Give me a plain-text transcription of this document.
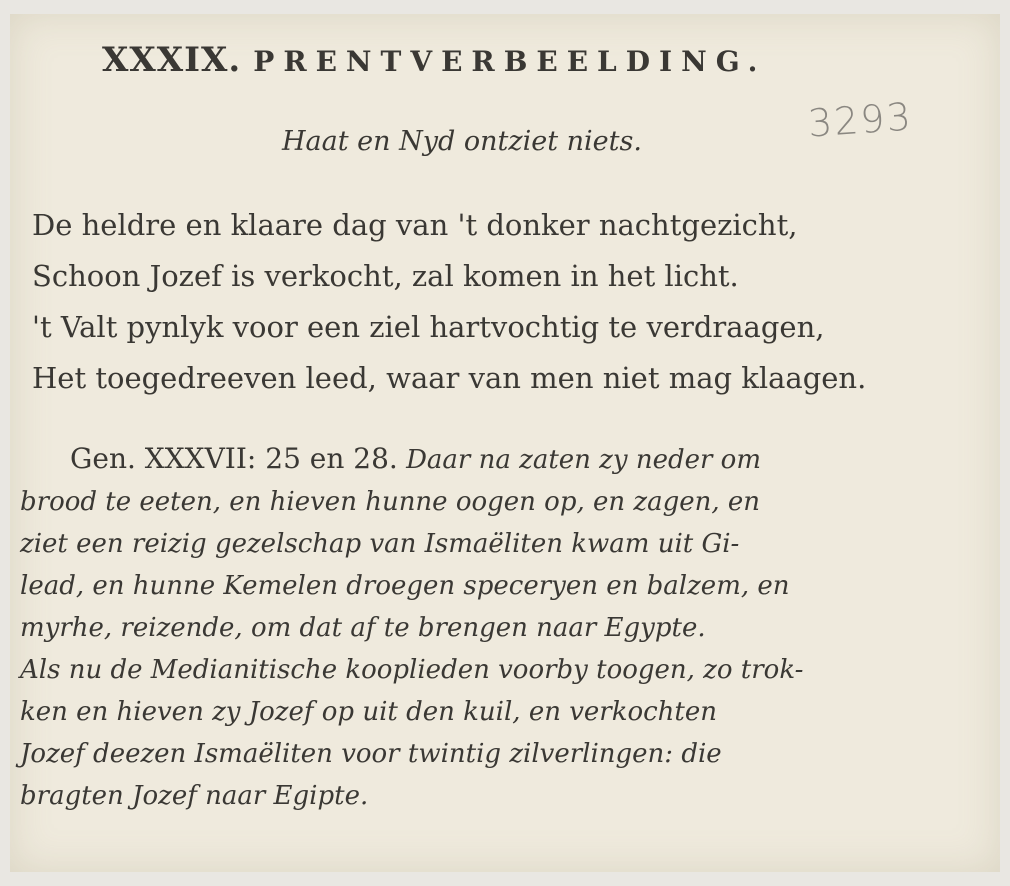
XXXIX. PRENTVERBEELDING.
Haat en Nyd ontziet niets.	3293
De heldre en klaare dag van 't donker nachtgezicht,
Schoon Jozef is verkocht, zal komen in het licht.
't Valt pynlyk voor een ziel hartvochtig te verdraagen,
Het toegedreeven leed, waar van men niet mag klaagen.
Gen. XXXVII: 25 en 28. Daar na zaten zy neder om
brood te eeten, en hieven hunne oogen op, en zagen, en
ziet een reizig gezelschap van Ismaëliten kwam uit Gi-
lead, en hunne Kemelen droegen speceryen en balzem, en
myrhe, reizende, om dat af te brengen naar Egypte.
Als nu de Medianitische kooplieden voorby toogen, zo trok-
ken en hieven zy Jozef op uit den kuil, en verkochten
Jozef deezen Ismaëliten voor twintig zilverlingen: die
bragten Jozef naar Egipte.
